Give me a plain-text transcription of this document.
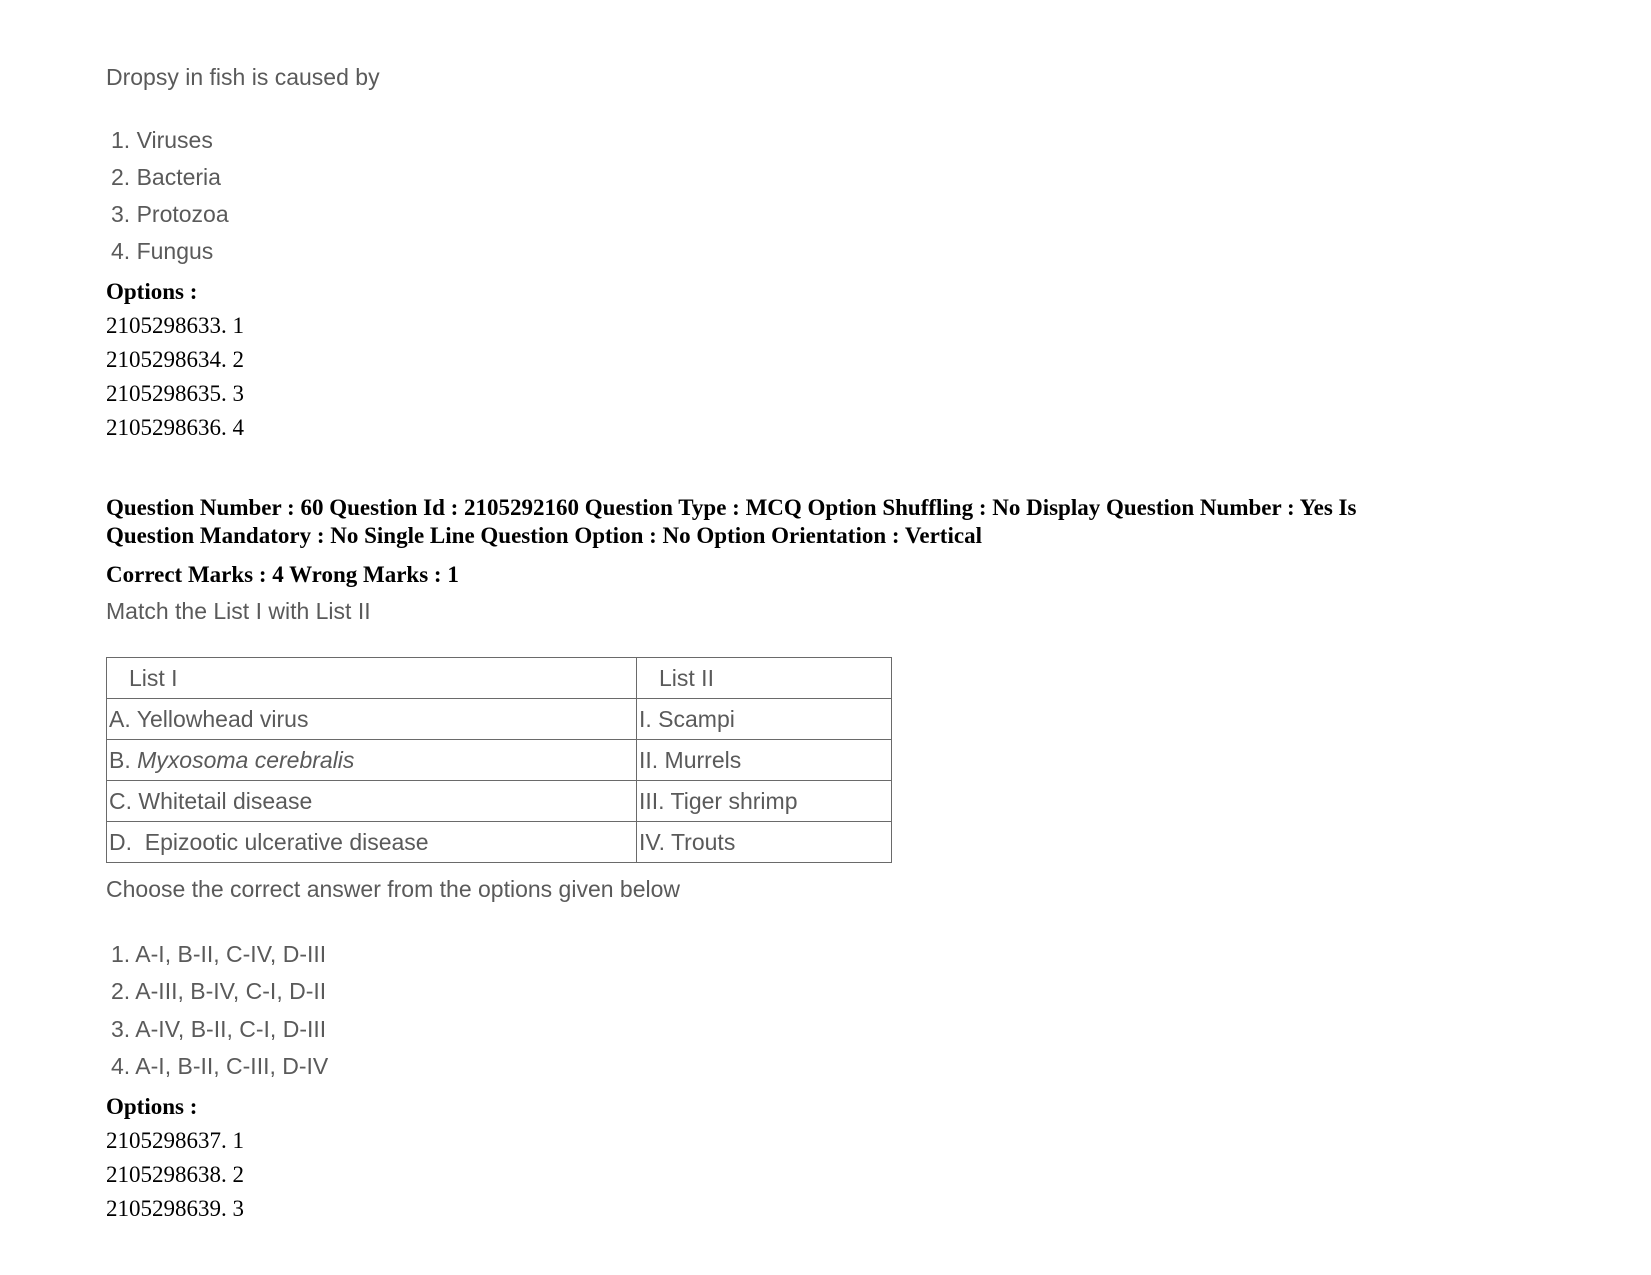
Dropsy in fish is caused by
1. Viruses
2. Bacteria
3. Protozoa
4. Fungus
Options :
2105298633. 1
2105298634. 2
2105298635. 3
2105298636. 4
Question Number : 60 Question Id : 2105292160 Question Type : MCQ Option Shuffling : No Display Question Number : Yes Is
Question Mandatory : No Single Line Question Option : No Option Orientation : Vertical
Correct Marks : 4 Wrong Marks : 1
Match the List I with List II
List I	List II
A. Yellowhead virus	I. Scampi
B. Myxosoma cerebralis	II. Murrels
C. Whitetail disease	III. Tiger shrimp
D.  Epizootic ulcerative disease	IV. Trouts
Choose the correct answer from the options given below
1. A-I, B-II, C-IV, D-III
2. A-III, B-IV, C-I, D-II
3. A-IV, B-II, C-I, D-III
4. A-I, B-II, C-III, D-IV
Options :
2105298637. 1
2105298638. 2
2105298639. 3
